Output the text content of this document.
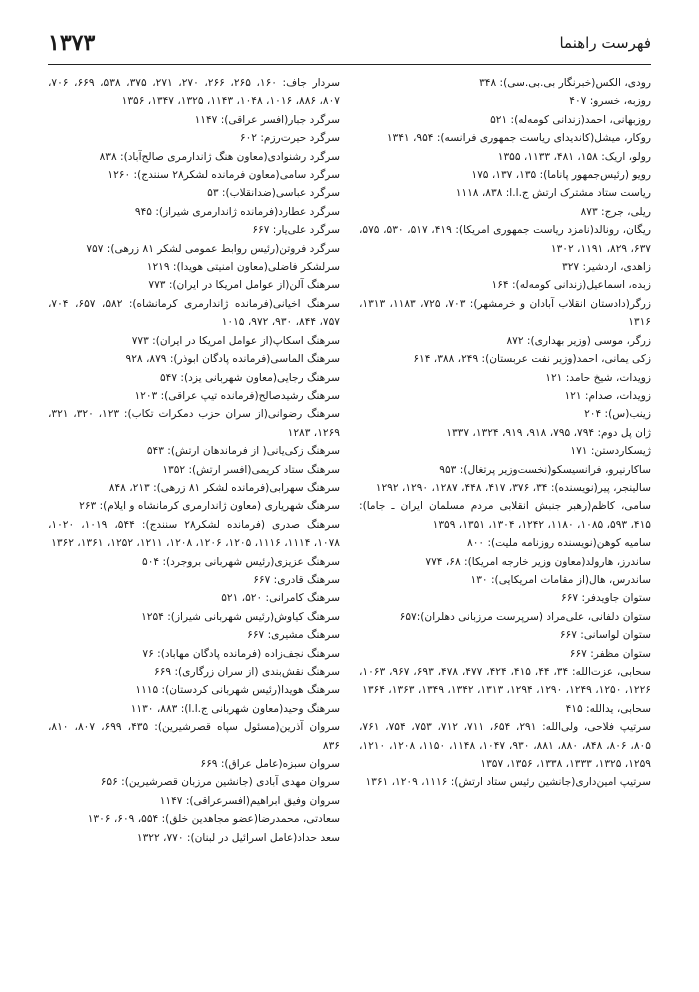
۱۳۷۳	فهرست راهنما
رودی، الکس(خبرنگار بی.بی.سی): ۳۴۸
روزبه، خسرو: ۴۰۷
روزبهانی، احمد(زندانی کومه‌له): ۵۲۱
روکار، میشل(کاندیدای ریاست جمهوری فرانسه): ۹۵۴، ۱۳۴۱
رولو، اریک: ۱۵۸، ۴۸۱، ۱۱۳۳، ۱۳۵۵
رویو (رئیس‌جمهور پاناما): ۱۳۵، ۱۳۷، ۱۷۵
ریاست ستاد مشترک ارتش ج.ا.ا: ۸۳۸، ۱۱۱۸
ریلی، جرج: ۸۷۳
ریگان، رونالد(نامزد ریاست جمهوری امریکا): ۴۱۹، ۵۱۷، ۵۳۰، ۵۷۵، ۶۳۷، ۸۲۹، ۱۱۹۱، ۱۳۰۲
زاهدی، اردشیر: ۳۲۷
زبده، اسماعیل(زندانی کومه‌له): ۱۶۴
زرگر(دادستان انقلاب آبادان و خرمشهر): ۷۰۳، ۷۲۵، ۱۱۸۳، ۱۳۱۳، ۱۳۱۶
زرگر، موسی (وزیر بهداری): ۸۷۲
زکی یمانی، احمد(وزیر نفت عربستان): ۲۴۹، ۳۸۸، ۶۱۴
زویدات، شیخ حامد: ۱۲۱
زویدات، صدام: ۱۲۱
زینب(س): ۲۰۴
ژان پل دوم: ۷۹۴، ۷۹۵، ۹۱۸، ۹۱۹، ۱۳۲۴، ۱۳۳۷
ژیسکاردستن: ۱۷۱
ساکارنیرو، فرانسیسکو(نخست‌وزیر پرتغال): ۹۵۳
سالینجر، پیر(نویسنده): ۳۴، ۳۷۶، ۴۱۷، ۴۴۸، ۱۲۸۷، ۱۲۹۰، ۱۲۹۲
سامی، کاظم(رهبر جنبش انقلابی مردم مسلمان ایران ـ جاما): ۴۱۵، ۵۹۳، ۱۰۸۵، ۱۱۸۰، ۱۲۴۲، ۱۳۰۴، ۱۳۵۱، ۱۳۵۹
سامیه کوهن(نویسنده روزنامه ملیت): ۸۰۰
ساندرز، هارولد(معاون وزیر خارجه امریکا): ۶۸، ۷۷۴
ساندرس، هال(از مقامات امریکایی): ۱۳۰
ستوان جاویدفر: ۶۶۷
ستوان دلفانی، علی‌مراد (سرپرست مرزبانی دهلران):۶۵۷
ستوان لواسانی: ۶۶۷
ستوان مظفر: ۶۶۷
سحابی، عزت‌الله: ۳۴، ۴۴، ۴۱۵، ۴۲۴، ۴۷۷، ۴۷۸، ۶۹۳، ۹۶۷، ۱۰۶۳، ۱۲۲۶، ۱۲۵۰، ۱۲۴۹، ۱۲۹۰، ۱۲۹۴، ۱۳۱۳، ۱۳۴۲، ۱۳۴۹، ۱۳۶۳، ۱۳۶۴
سحابی، یدالله: ۴۱۵
سرتیپ فلاحی، ولی‌الله: ۲۹۱، ۶۵۴، ۷۱۱، ۷۱۲، ۷۵۳، ۷۵۴، ۷۶۱، ۸۰۵، ۸۰۶، ۸۴۸، ۸۸۰، ۸۸۱، ۹۳۰، ۱۰۴۷، ۱۱۴۸، ۱۱۵۰، ۱۲۰۸، ۱۲۱۰، ۱۲۵۹، ۱۳۲۵، ۱۳۳۳، ۱۳۳۸، ۱۳۵۶، ۱۳۵۷
سرتیپ امین‌داری(جانشین رئیس ستاد ارتش): ۱۱۱۶، ۱۲۰۹، ۱۳۶۱
سردار جاف: ۱۶۰، ۲۶۵، ۲۶۶، ۲۷۰، ۲۷۱، ۳۷۵، ۵۳۸، ۶۶۹، ۷۰۶، ۸۰۷، ۸۸۶، ۱۰۱۶، ۱۰۴۸، ۱۱۴۳، ۱۳۲۵، ۱۳۴۷، ۱۳۵۶
سرگرد جبار(افسر عراقی): ۱۱۴۷
سرگرد حیرت‌رزم: ۶۰۲
سرگرد رشنوادی(معاون هنگ ژاندارمری صالح‌آباد): ۸۳۸
سرگرد سامی(معاون فرمانده لشکر۲۸ سنندج): ۱۲۶۰
سرگرد عباسی(ضدانقلاب): ۵۳
سرگرد عطارد(فرمانده ژاندارمری شیراز): ۹۴۵
سرگرد علی‌یار: ۶۶۷
سرگرد فروتن(رئیس روابط عمومی لشکر ۸۱ زرهی): ۷۵۷
سرلشکر فاضلی(معاون امنیتی هویدا): ۱۲۱۹
سرهنگ آلن(از عوامل امریکا در ایران): ۷۷۳
سرهنگ اخیانی(فرمانده ژاندارمری کرمانشاه): ۵۸۲، ۶۵۷، ۷۰۴، ۷۵۷، ۸۴۴، ۹۳۰، ۹۷۲، ۱۰۱۵
سرهنگ اسکاپ(از عوامل امریکا در ایران): ۷۷۳
سرهنگ الماسی(فرمانده پادگان ابوذر): ۸۷۹، ۹۲۸
سرهنگ رجایی(معاون شهربانی یزد): ۵۴۷
سرهنگ رشیدصالح(فرمانده تیپ عراقی): ۱۲۰۳
سرهنگ رضوانی(از سران حزب دمکرات تکاب): ۱۲۳، ۳۲۰، ۳۲۱، ۱۲۶۹، ۱۲۸۳
سرهنگ زکی‌یانی( از فرماندهان ارتش): ۵۴۳
سرهنگ ستاد کریمی(افسر ارتش): ۱۳۵۲
سرهنگ سهرابی(فرمانده لشکر ۸۱ زرهی): ۲۱۳، ۸۴۸
سرهنگ شهریاری (معاون ژاندارمری کرمانشاه و ایلام): ۲۶۳
سرهنگ صدری (فرمانده لشکر۲۸ سنندج): ۵۴۴، ۱۰۱۹، ۱۰۲۰، ۱۰۷۸، ۱۱۱۴، ۱۱۱۶، ۱۲۰۵، ۱۲۰۶، ۱۲۰۸، ۱۲۱۱، ۱۲۵۲، ۱۳۶۱، ۱۳۶۲
سرهنگ عزیزی(رئیس شهربانی بروجرد): ۵۰۴
سرهنگ قادری: ۶۶۷
سرهنگ کامرانی: ۵۲۰، ۵۲۱
سرهنگ کیاوش(رئیس شهربانی شیراز): ۱۲۵۴
سرهنگ مشیری: ۶۶۷
سرهنگ نجف‌زاده (فرمانده پادگان مهاباد): ۷۶
سرهنگ نقش‌بندی (از سران زرگاری): ۶۶۹
سرهنگ هویدا(رئیس شهربانی کردستان): ۱۱۱۵
سرهنگ وحید(معاون شهربانی ج.ا.ا): ۸۸۳، ۱۱۳۰
سروان آذرین(مسئول سپاه قصرشیرین): ۴۳۵، ۶۹۹، ۸۰۷، ۸۱۰، ۸۳۶
سروان سبزه(عامل عراق): ۶۶۹
سروان مهدی آبادی (جانشین مرزبان قصرشیرین): ۶۵۶
سروان وفیق ابراهیم(افسرعراقی): ۱۱۴۷
سعادتی، محمدرضا(عضو مجاهدین خلق): ۵۵۴، ۶۰۹، ۱۳۰۶
سعد حداد(عامل اسرائیل در لبنان): ۷۷۰، ۱۳۲۲
